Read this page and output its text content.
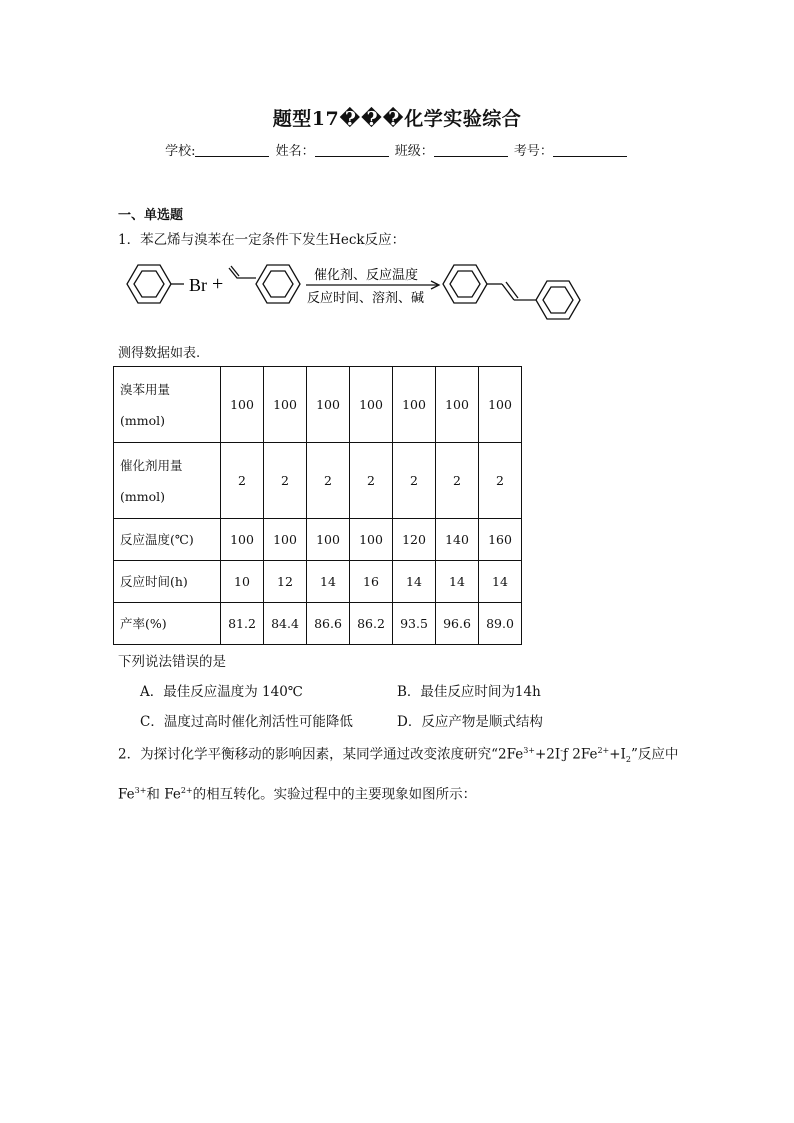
题型17���化学实验综合
学校:	姓名：	班级：	考号：
一、单选题
1．苯乙烯与溴苯在一定条件下发生Heck反应：
Br +	催化剂、反应温度
反应时间、溶剂、碱
测得数据如表.
溴苯用量
(mmol)	100	100	100	100	100	100	100

催化剂用量
(mmol)	2	2	2	2	2	2	2
反应温度(℃)	100	100	100	100	120	140	160
反应时间(h)	10	12	14	16	14	14	14
产率(%)	81.2	84.4	86.6	86.2	93.5	96.6	89.0
下列说法错误的是
A．最佳反应温度为 140℃	B．最佳反应时间为14h
C．温度过高时催化剂活性可能降低	D．反应产物是顺式结构
2．为探讨化学平衡移动的影响因素，某同学通过改变浓度研究“$2Fe^{3+}+2I^-ƒ$ $2Fe^{2+}+I_2$”反应中 $Fe^{3+}$和 $Fe^{2+}$的相互转化。实验过程中的主要现象如图所示：
